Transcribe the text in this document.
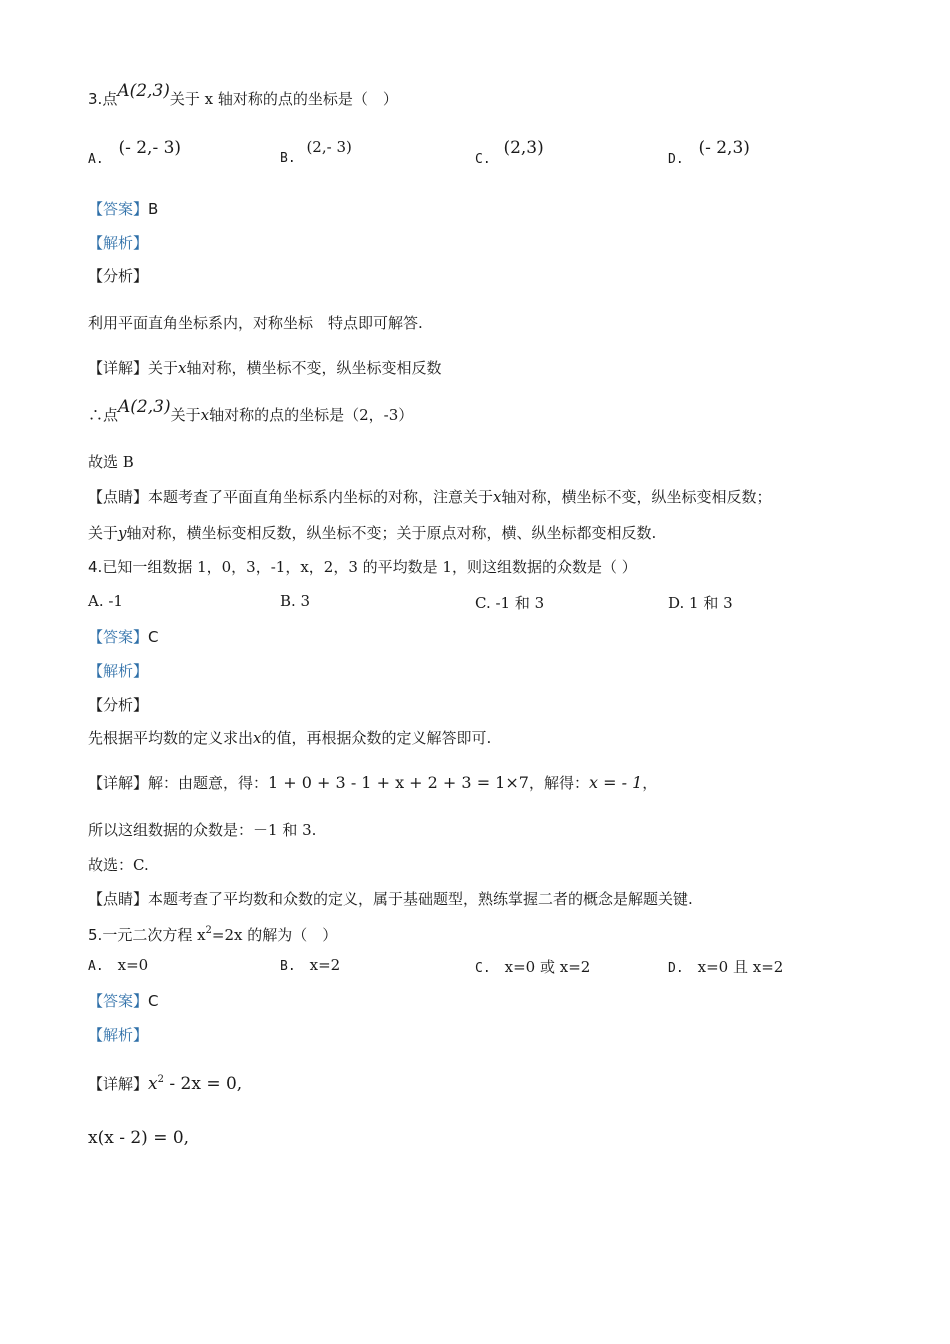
3.点A(2,3)关于 x 轴对称的点的坐标是（　）
A. (- 2,- 3)
B. (2,- 3)
C. (2,3)
D. (- 2,3)
【答案】B
【解析】
【分析】
利用平面直角坐标系内，对称坐标　特点即可解答.
【详解】关于x轴对称，横坐标不变，纵坐标变相反数
∴点A(2,3)关于x轴对称的点的坐标是（2，-3）
故选 B
【点睛】本题考查了平面直角坐标系内坐标的对称，注意关于x轴对称，横坐标不变，纵坐标变相反数；
关于y轴对称，横坐标变相反数，纵坐标不变；关于原点对称，横、纵坐标都变相反数.
4.已知一组数据 1，0，3，-1，x，2，3 的平均数是 1，则这组数据的众数是（ ）
A. -1	B. 3	C. -1 和 3	D. 1 和 3
【答案】C
【解析】
【分析】
先根据平均数的定义求出x的值，再根据众数的定义解答即可.
【详解】解：由题意，得：1 + 0 + 3 - 1 + x + 2 + 3 = 1×7，解得：x = - 1，
所以这组数据的众数是：－1 和 3.
故选：C.
【点睛】本题考查了平均数和众数的定义，属于基础题型，熟练掌握二者的概念是解题关键.
5.一元二次方程 $x^2=2x$ 的解为（　）
A. x=0	B. x=2	C. x=0 或 x=2	D. x=0 且 x=2
【答案】C
【解析】
【详解】$x^2 - 2x = 0$,
x(x - 2) = 0,
